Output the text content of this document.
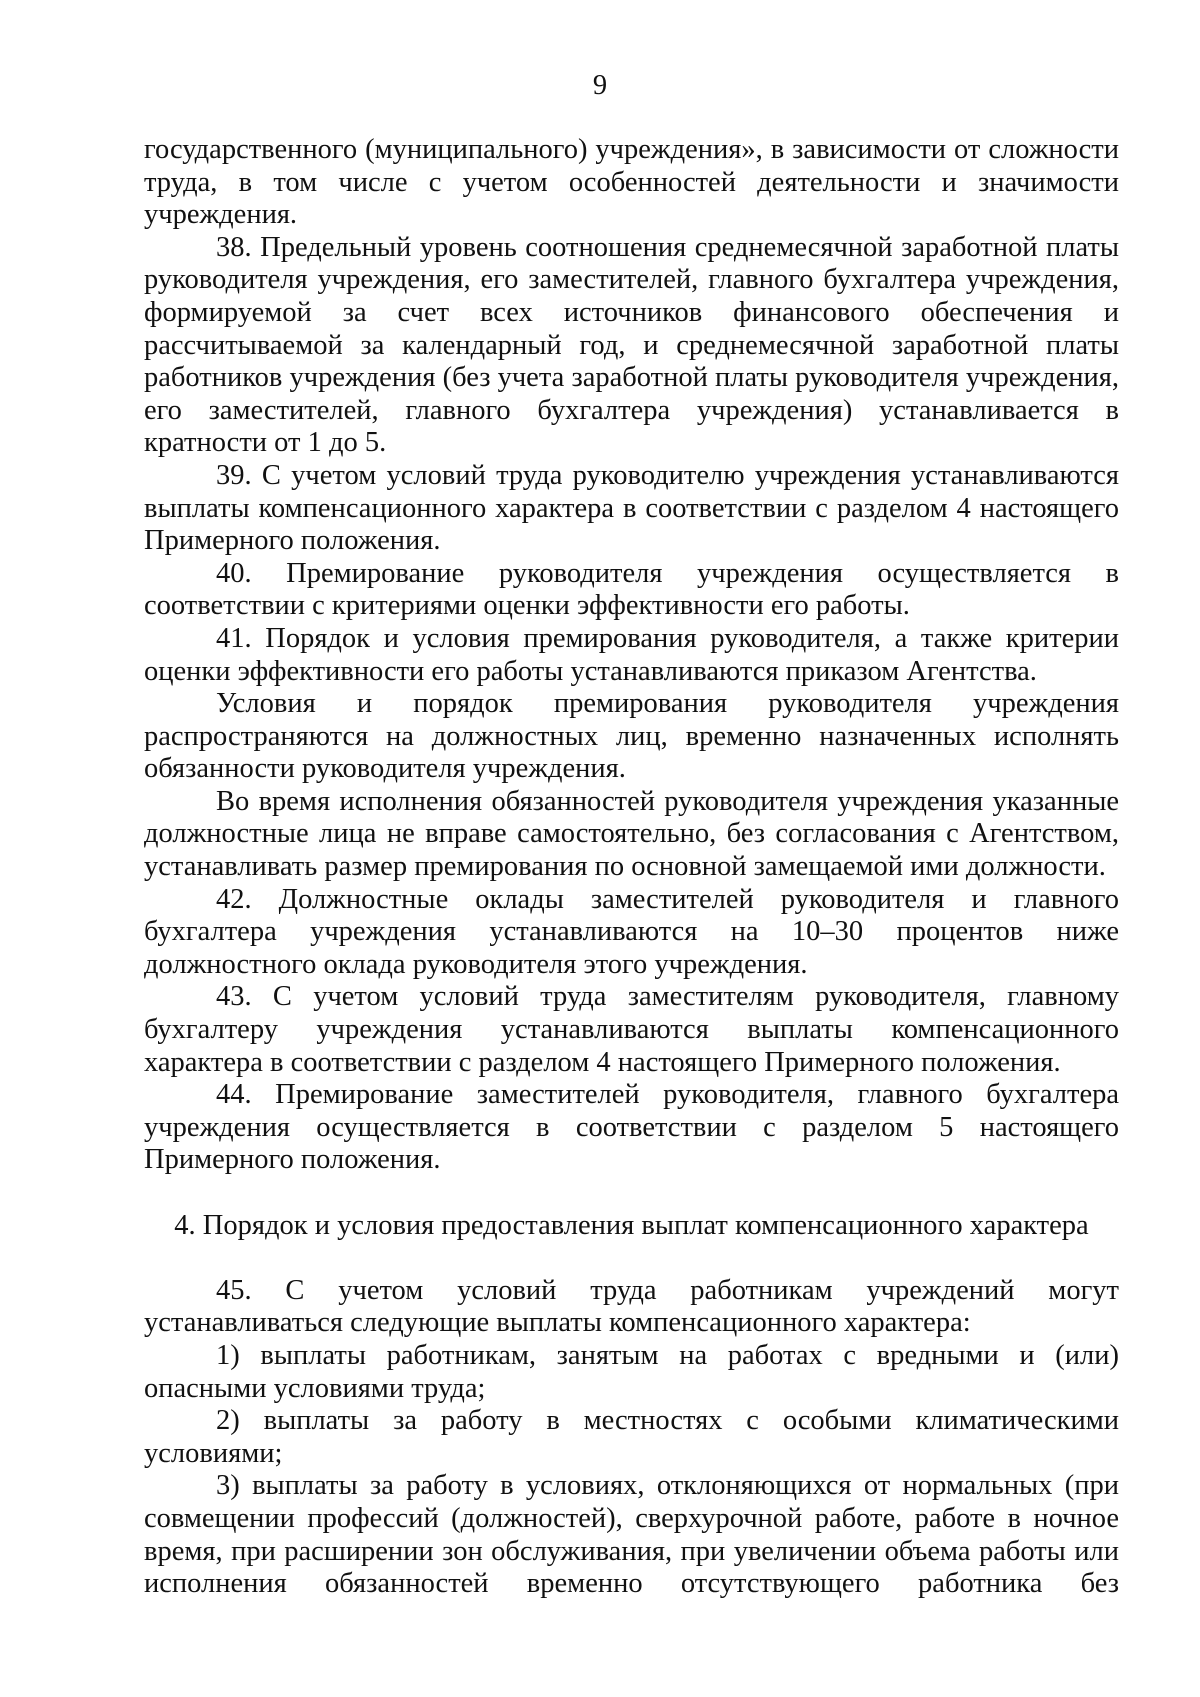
9

государственного (муниципального) учреждения», в зависимости от сложности труда, в том числе с учетом особенностей деятельности и значимости учреждения.

38. Предельный уровень соотношения среднемесячной заработной платы руководителя учреждения, его заместителей, главного бухгалтера учреждения, формируемой за счет всех источников финансового обеспечения и рассчитываемой за календарный год, и среднемесячной заработной платы работников учреждения (без учета заработной платы руководителя учреждения, его заместителей, главного бухгалтера учреждения) устанавливается в кратности от 1 до 5.

39. С учетом условий труда руководителю учреждения устанавливаются выплаты компенсационного характера в соответствии с разделом 4 настоящего Примерного положения.

40. Премирование руководителя учреждения осуществляется в соответствии с критериями оценки эффективности его работы.

41. Порядок и условия премирования руководителя, а также критерии оценки эффективности его работы устанавливаются приказом Агентства.

Условия и порядок премирования руководителя учреждения распространяются на должностных лиц, временно назначенных исполнять обязанности руководителя учреждения.

Во время исполнения обязанностей руководителя учреждения указанные должностные лица не вправе самостоятельно, без согласования с Агентством, устанавливать размер премирования по основной замещаемой ими должности.

42. Должностные оклады заместителей руководителя и главного бухгалтера учреждения устанавливаются на 10–30 процентов ниже должностного оклада руководителя этого учреждения.

43. С учетом условий труда заместителям руководителя, главному бухгалтеру учреждения устанавливаются выплаты компенсационного характера в соответствии с разделом 4 настоящего Примерного положения.

44. Премирование заместителей руководителя, главного бухгалтера учреждения осуществляется в соответствии с разделом 5 настоящего Примерного положения.

4. Порядок и условия предоставления выплат компенсационного характера

45. С учетом условий труда работникам учреждений могут устанавливаться следующие выплаты компенсационного характера:

1) выплаты работникам, занятым на работах с вредными и (или) опасными условиями труда;

2) выплаты за работу в местностях с особыми климатическими условиями;

3) выплаты за работу в условиях, отклоняющихся от нормальных (при совмещении профессий (должностей), сверхурочной работе, работе в ночное время, при расширении зон обслуживания, при увеличении объема работы или исполнения обязанностей временно отсутствующего работника без
